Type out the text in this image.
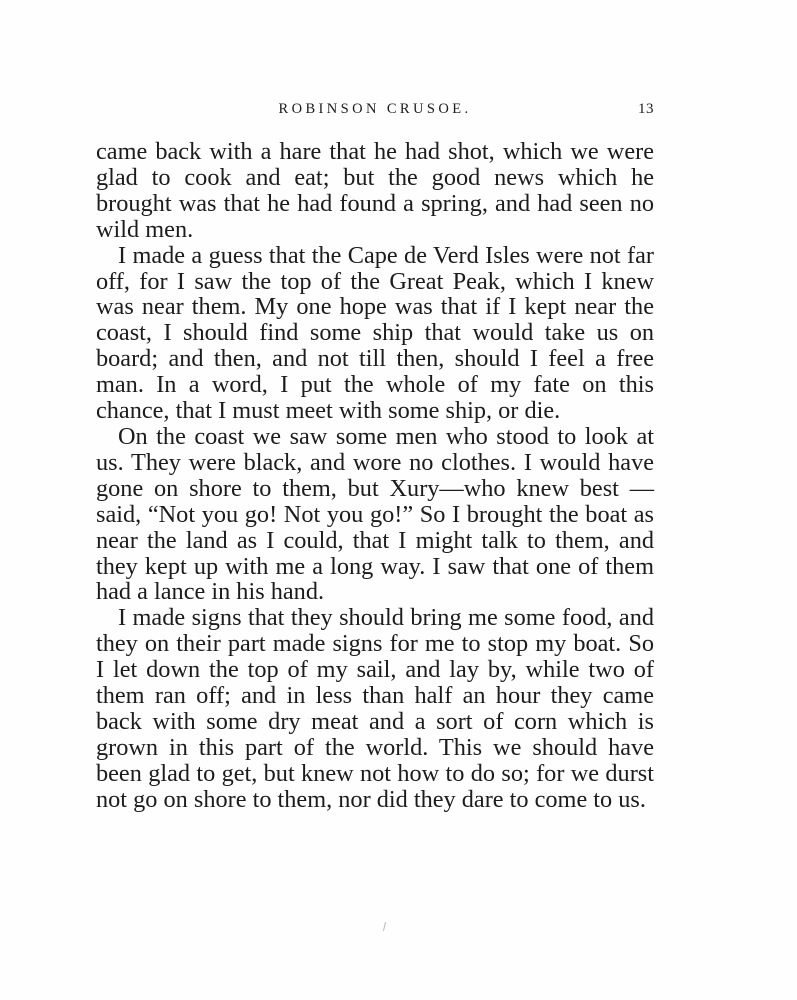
ROBINSON CRUSOE.	13

came back with a hare that he had shot, which we were glad to cook and eat; but the good news which he brought was that he had found a spring, and had seen no wild men.

I made a guess that the Cape de Verd Isles were not far off, for I saw the top of the Great Peak, which I knew was near them. My one hope was that if I kept near the coast, I should find some ship that would take us on board; and then, and not till then, should I feel a free man. In a word, I put the whole of my fate on this chance, that I must meet with some ship, or die.

On the coast we saw some men who stood to look at us. They were black, and wore no clothes. I would have gone on shore to them, but Xury—who knew best —said, “Not you go! Not you go!” So I brought the boat as near the land as I could, that I might talk to them, and they kept up with me a long way. I saw that one of them had a lance in his hand.

I made signs that they should bring me some food, and they on their part made signs for me to stop my boat. So I let down the top of my sail, and lay by, while two of them ran off; and in less than half an hour they came back with some dry meat and a sort of corn which is grown in this part of the world. This we should have been glad to get, but knew not how to do so; for we durst not go on shore to them, nor did they dare to come to us.
